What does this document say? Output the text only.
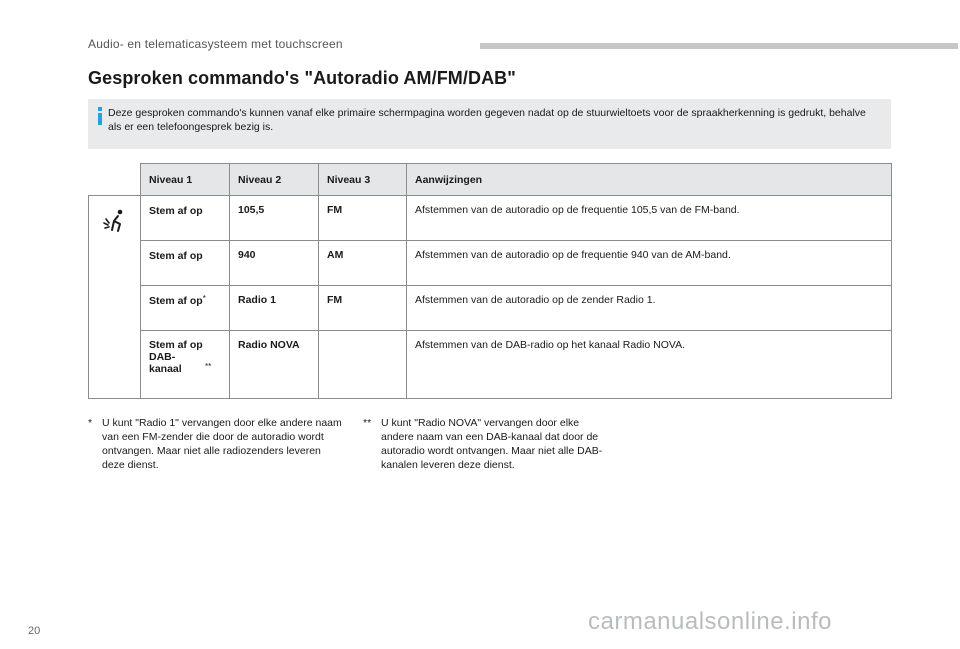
Audio- en telematicasysteem met touchscreen
Gesproken commando's "Autoradio AM/FM/DAB"
Deze gesproken commando's kunnen vanaf elke primaire schermpagina worden gegeven nadat op de stuurwieltoets voor de spraakherkenning is gedrukt, behalve als er een telefoongesprek bezig is.
	Niveau 1	Niveau 2	Niveau 3	Aanwijzingen

	Stem af op	105,5	FM	Afstemmen van de autoradio op de frequentie 105,5 van de FM-band.
	Stem af op	940	AM	Afstemmen van de autoradio op de frequentie 940 van de AM-band.
	Stem af op*	Radio 1	FM	Afstemmen van de autoradio op de zender Radio 1.
	Stem af op DAB-kanaal **	Radio NOVA		Afstemmen van de DAB-radio op het kanaal Radio NOVA.
* U kunt "Radio 1" vervangen door elke andere naam van een FM-zender die door de autoradio wordt ontvangen. Maar niet alle radiozenders leveren deze dienst.
** U kunt "Radio NOVA" vervangen door elke andere naam van een DAB-kanaal dat door de autoradio wordt ontvangen. Maar niet alle DAB-kanalen leveren deze dienst.
20	carmanualsonline.info
